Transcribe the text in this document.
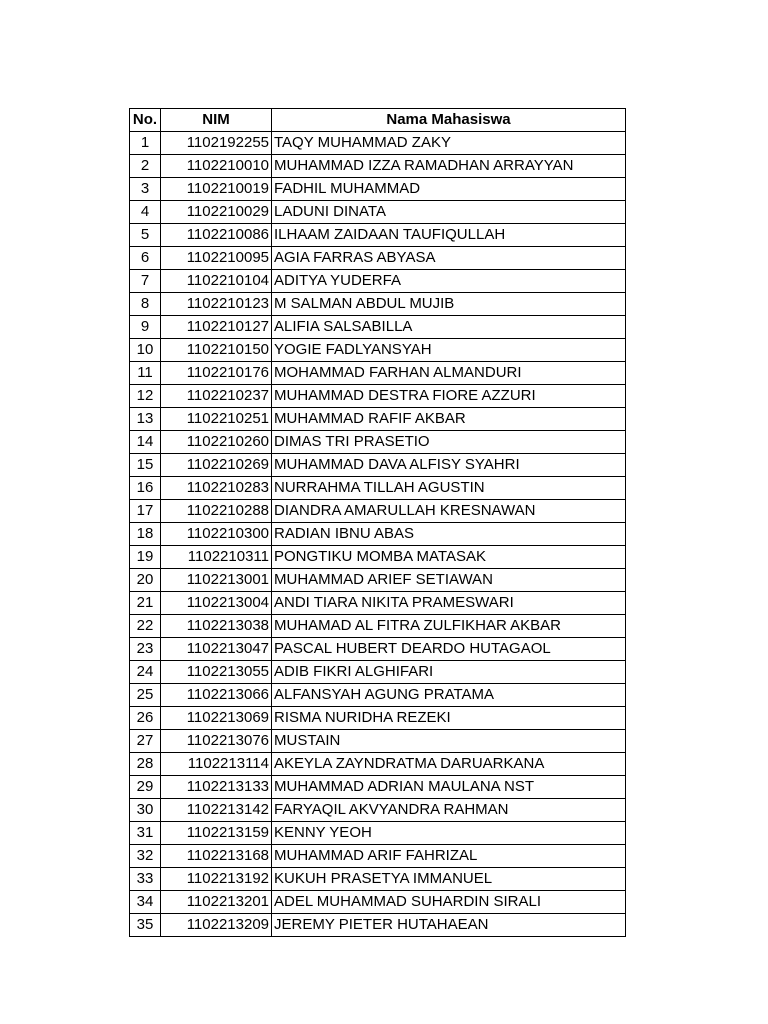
No.	NIM	Nama Mahasiswa
1	1102192255	TAQY MUHAMMAD ZAKY
2	1102210010	MUHAMMAD IZZA RAMADHAN ARRAYYAN
3	1102210019	FADHIL MUHAMMAD
4	1102210029	LADUNI DINATA
5	1102210086	ILHAAM ZAIDAAN TAUFIQULLAH
6	1102210095	AGIA FARRAS ABYASA
7	1102210104	ADITYA YUDERFA
8	1102210123	M SALMAN ABDUL MUJIB
9	1102210127	ALIFIA SALSABILLA
10	1102210150	YOGIE FADLYANSYAH
11	1102210176	MOHAMMAD FARHAN ALMANDURI
12	1102210237	MUHAMMAD DESTRA FIORE AZZURI
13	1102210251	MUHAMMAD RAFIF AKBAR
14	1102210260	DIMAS TRI PRASETIO
15	1102210269	MUHAMMAD DAVA ALFISY SYAHRI
16	1102210283	NURRAHMA TILLAH AGUSTIN
17	1102210288	DIANDRA AMARULLAH KRESNAWAN
18	1102210300	RADIAN IBNU ABAS
19	1102210311	PONGTIKU MOMBA MATASAK
20	1102213001	MUHAMMAD ARIEF SETIAWAN
21	1102213004	ANDI TIARA NIKITA PRAMESWARI
22	1102213038	MUHAMAD AL FITRA ZULFIKHAR AKBAR
23	1102213047	PASCAL HUBERT DEARDO HUTAGAOL
24	1102213055	ADIB FIKRI ALGHIFARI
25	1102213066	ALFANSYAH AGUNG PRATAMA
26	1102213069	RISMA NURIDHA REZEKI
27	1102213076	MUSTAIN
28	1102213114	AKEYLA ZAYNDRATMA DARUARKANA
29	1102213133	MUHAMMAD ADRIAN MAULANA NST
30	1102213142	FARYAQIL AKVYANDRA RAHMAN
31	1102213159	KENNY YEOH
32	1102213168	MUHAMMAD ARIF FAHRIZAL
33	1102213192	KUKUH PRASETYA IMMANUEL
34	1102213201	ADEL MUHAMMAD SUHARDIN SIRALI
35	1102213209	JEREMY PIETER HUTAHAEAN
